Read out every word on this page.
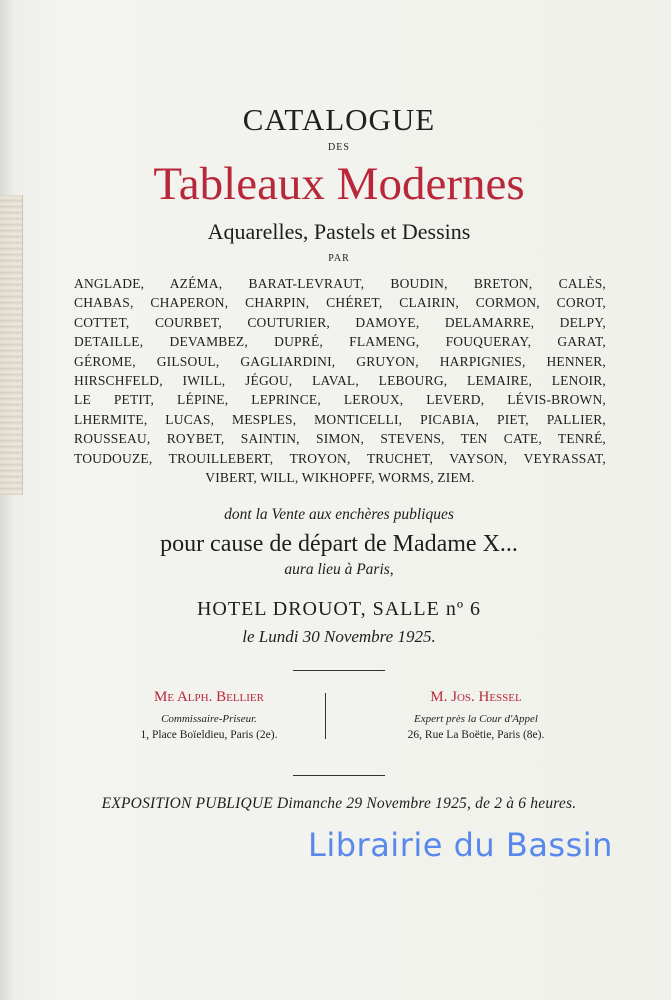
CATALOGUE

DES

Tableaux Modernes

Aquarelles, Pastels et Dessins

PAR

ANGLADE, AZÉMA, BARAT-LEVRAUT, BOUDIN, BRETON, CALÈS,
CHABAS, CHAPERON, CHARPIN, CHÉRET, CLAIRIN, CORMON, COROT,
COTTET, COURBET, COUTURIER, DAMOYE, DELAMARRE, DELPY,
DETAILLE, DEVAMBEZ, DUPRÉ, FLAMENG, FOUQUERAY, GARAT,
GÉROME, GILSOUL, GAGLIARDINI, GRUYON, HARPIGNIES, HENNER,
HIRSCHFELD, IWILL, JÉGOU, LAVAL, LEBOURG, LEMAIRE, LENOIR,
LE PETIT, LÉPINE, LEPRINCE, LEROUX, LEVERD, LÉVIS-BROWN,
LHERMITE, LUCAS, MESPLES, MONTICELLI, PICABIA, PIET, PALLIER,
ROUSSEAU, ROYBET, SAINTIN, SIMON, STEVENS, TEN CATE, TENRÉ,
TOUDOUZE, TROUILLEBERT, TROYON, TRUCHET, VAYSON, VEYRASSAT,
VIBERT, WILL, WIKHOPFF, WORMS, ZIEM.

dont la Vente aux enchères publiques

pour cause de départ de Madame X...

aura lieu à Paris,

HOTEL DROUOT, SALLE nº 6

le Lundi 30 Novembre 1925.

Me Alph. Bellier
Commissaire-Priseur.
1, Place Boïeldieu, Paris (2e).
M. Jos. Hessel
Expert près la Cour d'Appel
26, Rue La Boëtie, Paris (8e).

EXPOSITION PUBLIQUE Dimanche 29 Novembre 1925, de 2 à 6 heures.

Librairie du Bassin
